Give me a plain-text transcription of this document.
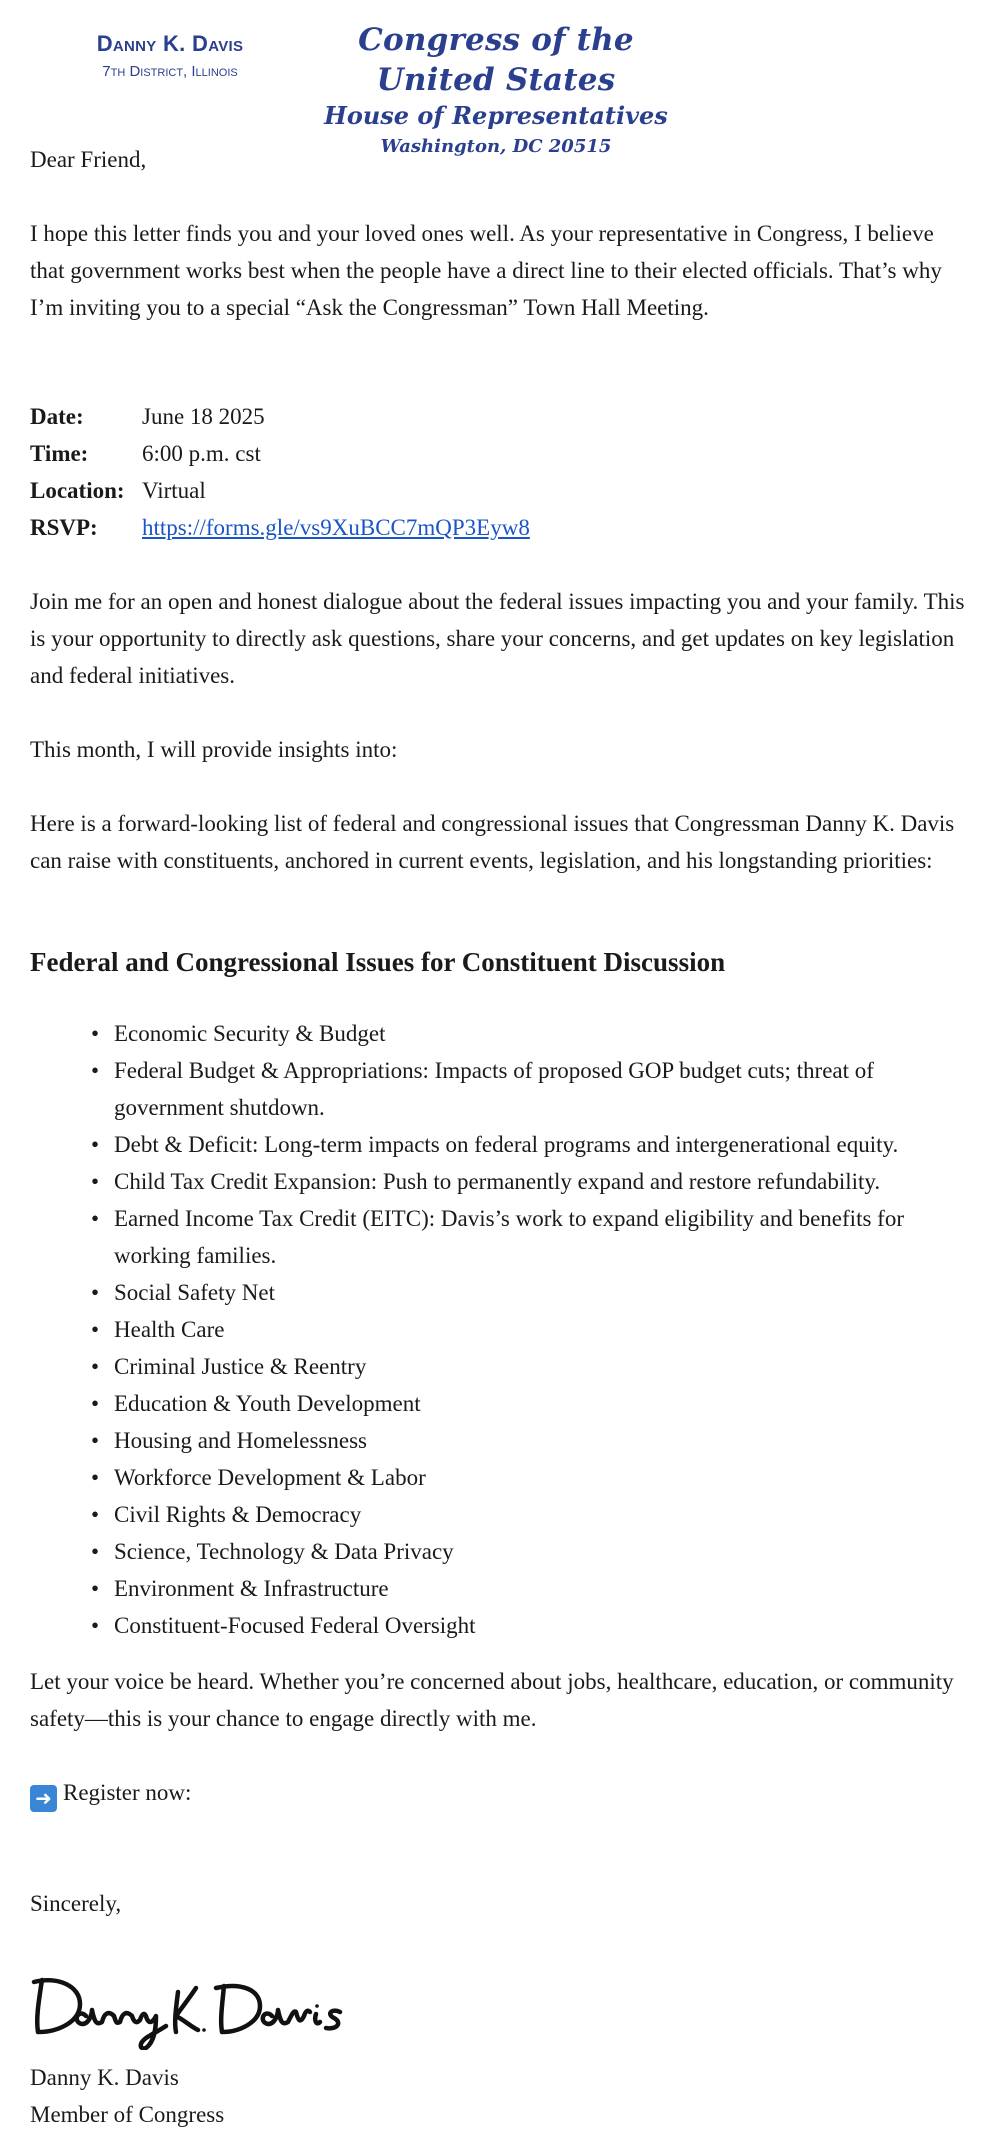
Danny K. Davis
7th District, Illinois
Congress of the United States
House of Representatives
Washington, DC 20515

Dear Friend,

I hope this letter finds you and your loved ones well. As your representative in Congress, I believe that government works best when the people have a direct line to their elected officials. That’s why I’m inviting you to a special “Ask the Congressman” Town Hall Meeting.

Date:	June 18 2025
Time:	6:00 p.m. cst
Location: Virtual
RSVP:	https://forms.gle/vs9XuBCC7mQP3Eyw8

Join me for an open and honest dialogue about the federal issues impacting you and your family. This is your opportunity to directly ask questions, share your concerns, and get updates on key legislation and federal initiatives.

This month, I will provide insights into:

Here is a forward-looking list of federal and congressional issues that Congressman Danny K. Davis can raise with constituents, anchored in current events, legislation, and his longstanding priorities:

Federal and Congressional Issues for Constituent Discussion
• Economic Security & Budget
• Federal Budget & Appropriations: Impacts of proposed GOP budget cuts; threat of government shutdown.
• Debt & Deficit: Long-term impacts on federal programs and intergenerational equity.
• Child Tax Credit Expansion: Push to permanently expand and restore refundability.
• Earned Income Tax Credit (EITC): Davis’s work to expand eligibility and benefits for working families.
• Social Safety Net
• Health Care
• Criminal Justice & Reentry
• Education & Youth Development
• Housing and Homelessness
• Workforce Development & Labor
• Civil Rights & Democracy
• Science, Technology & Data Privacy
• Environment & Infrastructure
• Constituent-Focused Federal Oversight

Let your voice be heard. Whether you’re concerned about jobs, healthcare, education, or community safety—this is your chance to engage directly with me.

➜ Register now:

Sincerely,

Danny K. Davis

Member of Congress
